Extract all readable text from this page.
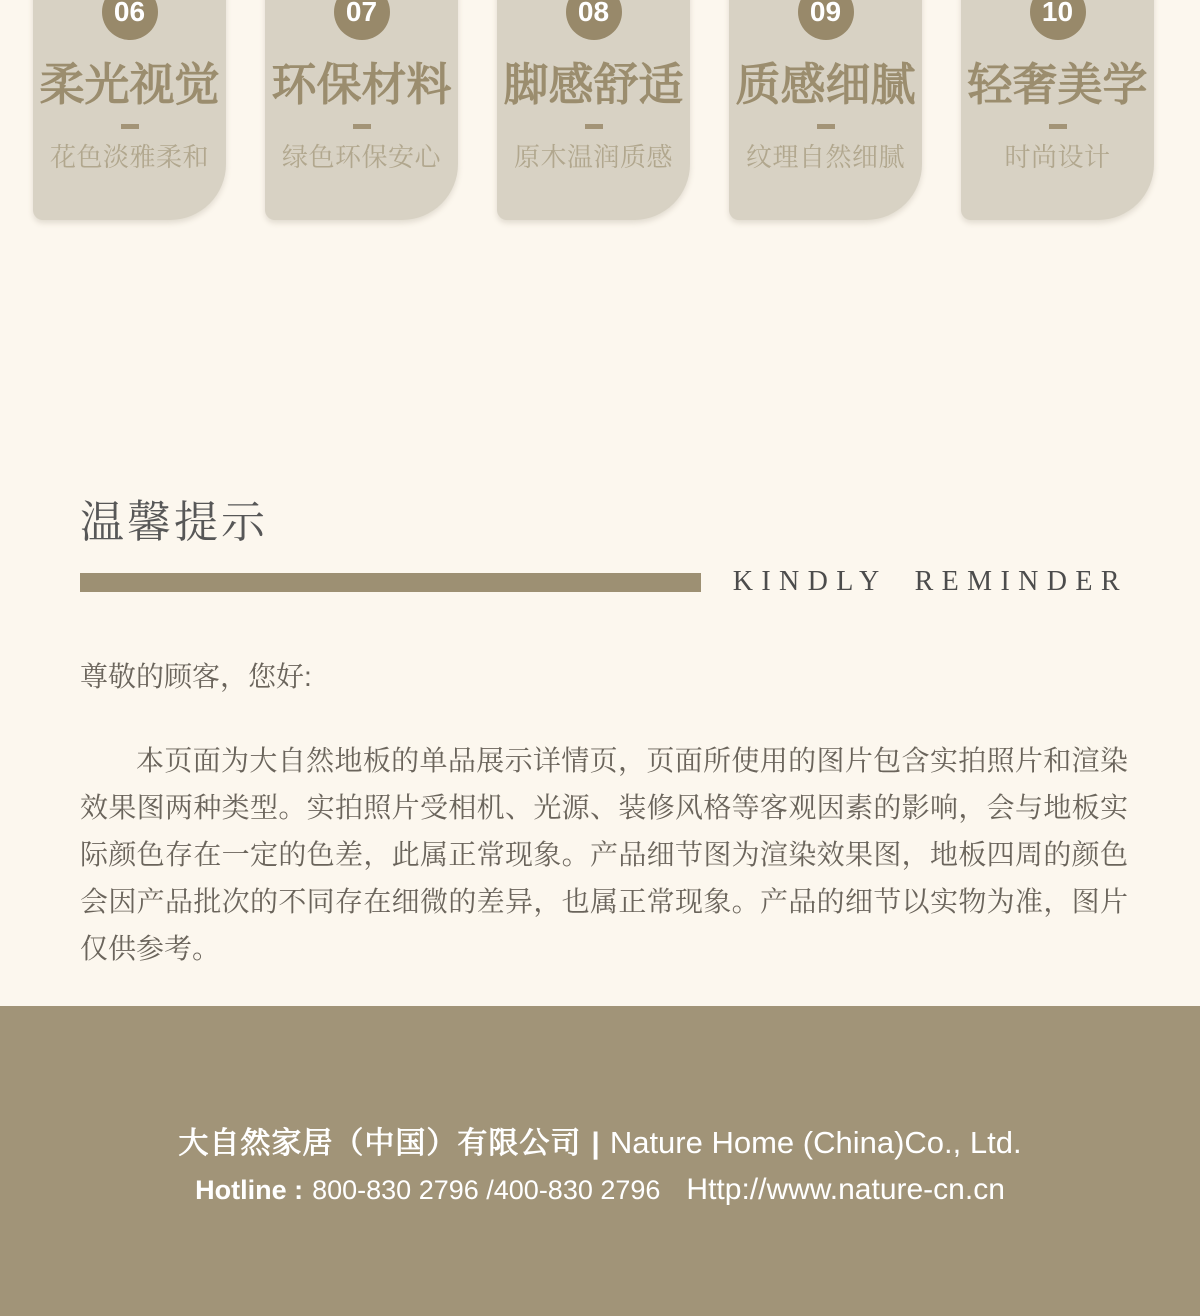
06
柔光视觉
花色淡雅柔和
07
环保材料
绿色环保安心
08
脚感舒适
原木温润质感
09
质感细腻
纹理自然细腻
10
轻奢美学
时尚设计
温馨提示
KINDLY REMINDER
尊敬的顾客，您好:
本页面为大自然地板的单品展示详情页，页面所使用的图片包含实拍照片和渲染效果图两种类型。实拍照片受相机、光源、装修风格等客观因素的影响，会与地板实际颜色存在一定的色差，此属正常现象。产品细节图为渲染效果图，地板四周的颜色会因产品批次的不同存在细微的差异，也属正常现象。产品的细节以实物为准，图片仅供参考。
大自然家居（中国）有限公司 | Nature Home (China)Co., Ltd.
Hotline : 800-830 2796 /400-830 2796 Http://www.nature-cn.cn
